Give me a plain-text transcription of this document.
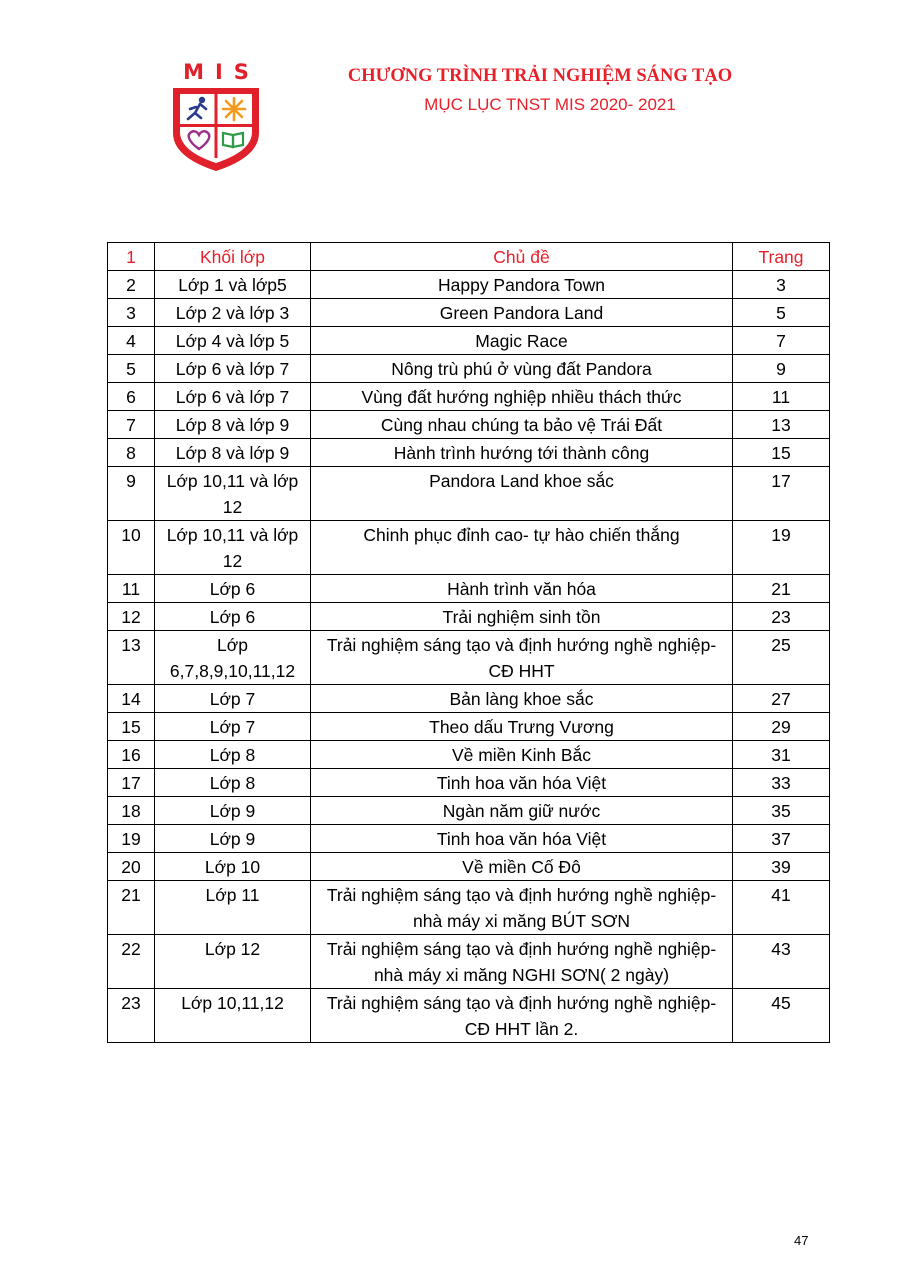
MIS	CHƯƠNG TRÌNH TRẢI NGHIỆM SÁNG TẠO
MỤC LỤC TNST MIS 2020- 2021
1	Khối lớp	Chủ đề	Trang
2	Lớp 1 và lớp5	Happy Pandora Town	3
3	Lớp 2 và lớp 3	Green Pandora Land	5
4	Lớp 4 và lớp 5	Magic Race	7
5	Lớp 6 và lớp 7	Nông trù phú ở vùng đất Pandora	9
6	Lớp 6 và lớp 7	Vùng đất hướng nghiệp nhiều thách thức	11
7	Lớp 8 và lớp 9	Cùng nhau chúng ta bảo vệ Trái Đất	13
8	Lớp 8 và lớp 9	Hành trình hướng tới thành công	15
9	Lớp 10,11 và lớp 12	Pandora Land khoe sắc	17
10	Lớp 10,11 và lớp 12	Chinh phục đỉnh cao- tự hào chiến thắng	19
11	Lớp 6	Hành trình văn hóa	21
12	Lớp 6	Trải nghiệm sinh tồn	23
13	Lớp 6,7,8,9,10,11,12	Trải nghiệm sáng tạo và định hướng nghề nghiệp- CĐ HHT	25
14	Lớp 7	Bản làng khoe sắc	27
15	Lớp 7	Theo dấu Trưng Vương	29
16	Lớp 8	Về miền Kinh Bắc	31
17	Lớp 8	Tinh hoa văn hóa Việt	33
18	Lớp 9	Ngàn năm giữ nước	35
19	Lớp 9	Tinh hoa văn hóa Việt	37
20	Lớp 10	Về miền Cố Đô	39
21	Lớp 11	Trải nghiệm sáng tạo và định hướng nghề nghiệp- nhà máy xi măng BÚT SƠN	41
22	Lớp 12	Trải nghiệm sáng tạo và định hướng nghề nghiệp- nhà máy xi măng NGHI SƠN( 2 ngày)	43
23	Lớp 10,11,12	Trải nghiệm sáng tạo và định hướng nghề nghiệp- CĐ HHT lần 2.	45
47
